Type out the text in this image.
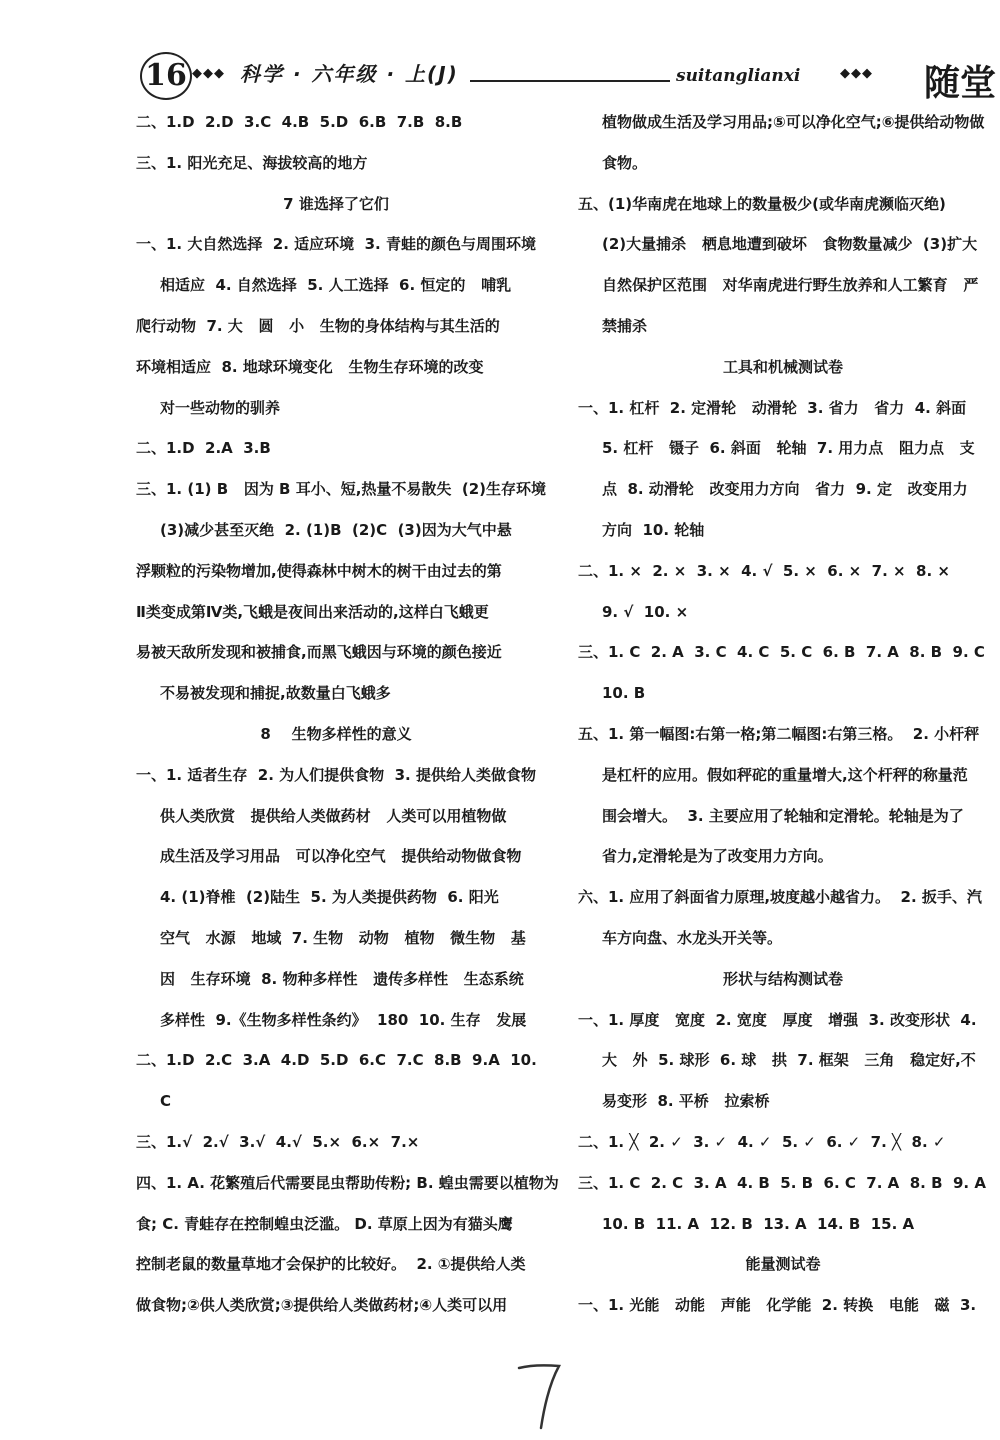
16 ◆◆◆ 科学 · 六年级 · 上(J)	suitanglianxi	◆◆◆ 随堂
二、1.D  2.D  3.C  4.B  5.D  6.B  7.B  8.B
三、1. 阳光充足、海拔较高的地方
7 谁选择了它们
一、1. 大自然选择  2. 适应环境  3. 青蛙的颜色与周围环境
相适应  4. 自然选择  5. 人工选择  6. 恒定的   哺乳
爬行动物  7. 大   圆   小   生物的身体结构与其生活的
环境相适应  8. 地球环境变化   生物生存环境的改变
对一些动物的驯养
二、1.D  2.A  3.B
三、1. (1) B   因为 B 耳小、短,热量不易散失  (2)生存环境
(3)减少甚至灭绝  2. (1)B  (2)C  (3)因为大气中悬
浮颗粒的污染物增加,使得森林中树木的树干由过去的第
Ⅱ类变成第Ⅳ类,飞蛾是夜间出来活动的,这样白飞蛾更
易被天敌所发现和被捕食,而黑飞蛾因与环境的颜色接近
不易被发现和捕捉,故数量白飞蛾多
8    生物多样性的意义
一、1. 适者生存  2. 为人们提供食物  3. 提供给人类做食物
供人类欣赏   提供给人类做药材   人类可以用植物做
成生活及学习用品   可以净化空气   提供给动物做食物
4. (1)脊椎  (2)陆生  5. 为人类提供药物  6. 阳光
空气   水源   地域  7. 生物   动物   植物   微生物   基
因   生存环境  8. 物种多样性   遗传多样性   生态系统
多样性  9.《生物多样性条约》  180  10. 生存   发展
二、1.D  2.C  3.A  4.D  5.D  6.C  7.C  8.B  9.A  10.
C
三、1.√  2.√  3.√  4.√  5.×  6.×  7.×
四、1. A. 花繁殖后代需要昆虫帮助传粉; B. 蝗虫需要以植物为
食; C. 青蛙存在控制蝗虫泛滥。 D. 草原上因为有猫头鹰
控制老鼠的数量草地才会保护的比较好。  2. ①提供给人类
做食物;②供人类欣赏;③提供给人类做药材;④人类可以用
植物做成生活及学习用品;⑤可以净化空气;⑥提供给动物做
食物。
五、(1)华南虎在地球上的数量极少(或华南虎濒临灭绝)
(2)大量捕杀   栖息地遭到破坏   食物数量减少  (3)扩大
自然保护区范围   对华南虎进行野生放养和人工繁育   严
禁捕杀
工具和机械测试卷
一、1. 杠杆  2. 定滑轮   动滑轮  3. 省力   省力  4. 斜面
5. 杠杆   镊子  6. 斜面   轮轴  7. 用力点   阻力点   支
点  8. 动滑轮   改变用力方向   省力  9. 定   改变用力
方向  10. 轮轴
二、1. ×  2. ×  3. ×  4. √  5. ×  6. ×  7. ×  8. ×
9. √  10. ×
三、1. C  2. A  3. C  4. C  5. C  6. B  7. A  8. B  9. C
10. B
五、1. 第一幅图:右第一格;第二幅图:右第三格。  2. 小杆秤
是杠杆的应用。假如秤砣的重量增大,这个杆秤的称量范
围会增大。  3. 主要应用了轮轴和定滑轮。轮轴是为了
省力,定滑轮是为了改变用力方向。
六、1. 应用了斜面省力原理,坡度越小越省力。  2. 扳手、汽
车方向盘、水龙头开关等。
形状与结构测试卷
一、1. 厚度   宽度  2. 宽度   厚度   增强  3. 改变形状  4.
大   外  5. 球形  6. 球   拱  7. 框架   三角   稳定好,不
易变形  8. 平桥   拉索桥
二、1. ╳  2. ✓  3. ✓  4. ✓  5. ✓  6. ✓  7. ╳  8. ✓
三、1. C  2. C  3. A  4. B  5. B  6. C  7. A  8. B  9. A
10. B  11. A  12. B  13. A  14. B  15. A
能量测试卷
一、1. 光能   动能   声能   化学能  2. 转换   电能   磁  3.
